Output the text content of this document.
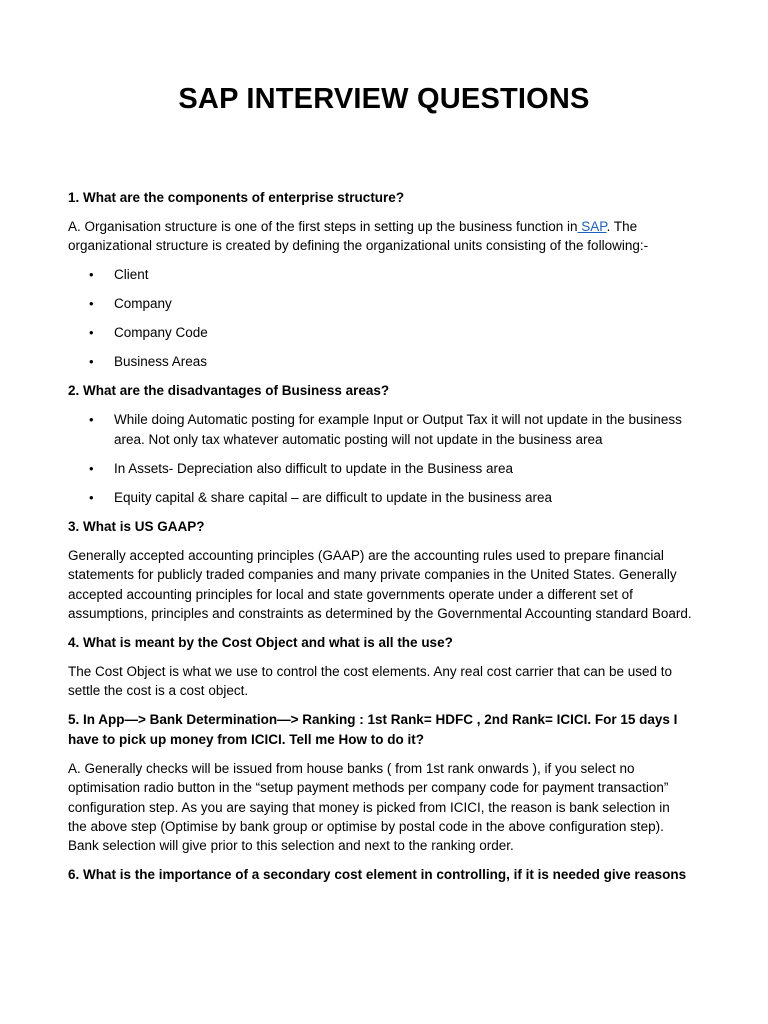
SAP INTERVIEW QUESTIONS
1. What are the components of enterprise structure?
A. Organisation structure is one of the first steps in setting up the business function in SAP. The organizational structure is created by defining the organizational units consisting of the following:-
• Client
• Company
• Company Code
• Business Areas
2. What are the disadvantages of Business areas?
• While doing Automatic posting for example Input or Output Tax it will not update in the business area. Not only tax whatever automatic posting will not update in the business area
• In Assets- Depreciation also difficult to update in the Business area
• Equity capital & share capital – are difficult to update in the business area
3. What is US GAAP?
Generally accepted accounting principles (GAAP) are the accounting rules used to prepare financial statements for publicly traded companies and many private companies in the United States. Generally accepted accounting principles for local and state governments operate under a different set of assumptions, principles and constraints as determined by the Governmental Accounting standard Board.
4. What is meant by the Cost Object and what is all the use?
The Cost Object is what we use to control the cost elements. Any real cost carrier that can be used to settle the cost is a cost object.
5. In App—> Bank Determination—> Ranking : 1st Rank= HDFC , 2nd Rank= ICICI. For 15 days I have to pick up money from ICICI. Tell me How to do it?
A. Generally checks will be issued from house banks ( from 1st rank onwards ), if you select no optimisation radio button in the “setup payment methods per company code for payment transaction” configuration step. As you are saying that money is picked from ICICI, the reason is bank selection in the above step (Optimise by bank group or optimise by postal code in the above configuration step). Bank selection will give prior to this selection and next to the ranking order.
6. What is the importance of a secondary cost element in controlling, if it is needed give reasons
